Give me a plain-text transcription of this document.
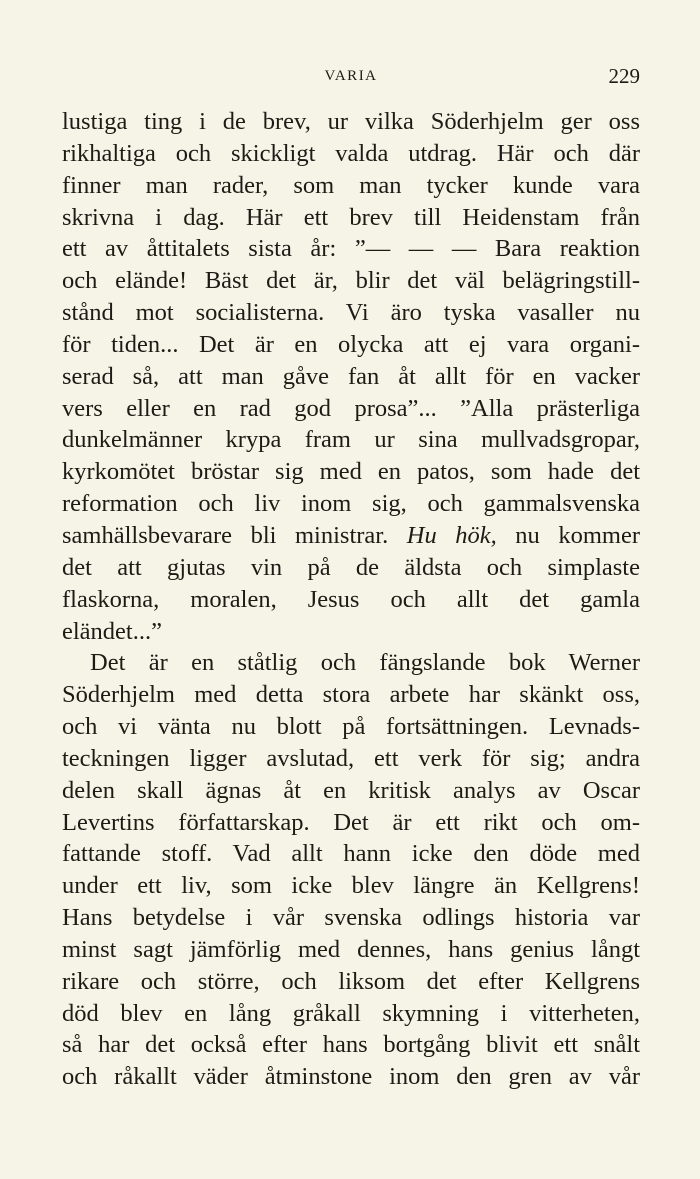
VARIA	229
lustiga ting i de brev, ur vilka Söderhjelm ger oss
rikhaltiga och skickligt valda utdrag. Här och där
finner man rader, som man tycker kunde vara
skrivna i dag. Här ett brev till Heidenstam från
ett av åttitalets sista år: ”— — — Bara reaktion
och elände! Bäst det är, blir det väl belägringstill-
stånd mot socialisterna. Vi äro tyska vasaller nu
för tiden... Det är en olycka att ej vara organi-
serad så, att man gåve fan åt allt för en vacker
vers eller en rad god prosa”... ”Alla prästerliga
dunkelmänner krypa fram ur sina mullvadsgropar,
kyrkomötet bröstar sig med en patos, som hade det
reformation och liv inom sig, och gammalsvenska
samhällsbevarare bli ministrar. Hu hök, nu kommer
det att gjutas vin på de äldsta och simplaste
flaskorna, moralen, Jesus och allt det gamla
eländet...”
Det är en ståtlig och fängslande bok Werner
Söderhjelm med detta stora arbete har skänkt oss,
och vi vänta nu blott på fortsättningen. Levnads-
teckningen ligger avslutad, ett verk för sig; andra
delen skall ägnas åt en kritisk analys av Oscar
Levertins författarskap. Det är ett rikt och om-
fattande stoff. Vad allt hann icke den döde med
under ett liv, som icke blev längre än Kellgrens!
Hans betydelse i vår svenska odlings historia var
minst sagt jämförlig med dennes, hans genius långt
rikare och större, och liksom det efter Kellgrens
död blev en lång gråkall skymning i vitterheten,
så har det också efter hans bortgång blivit ett snålt
och råkallt väder åtminstone inom den gren av vår
